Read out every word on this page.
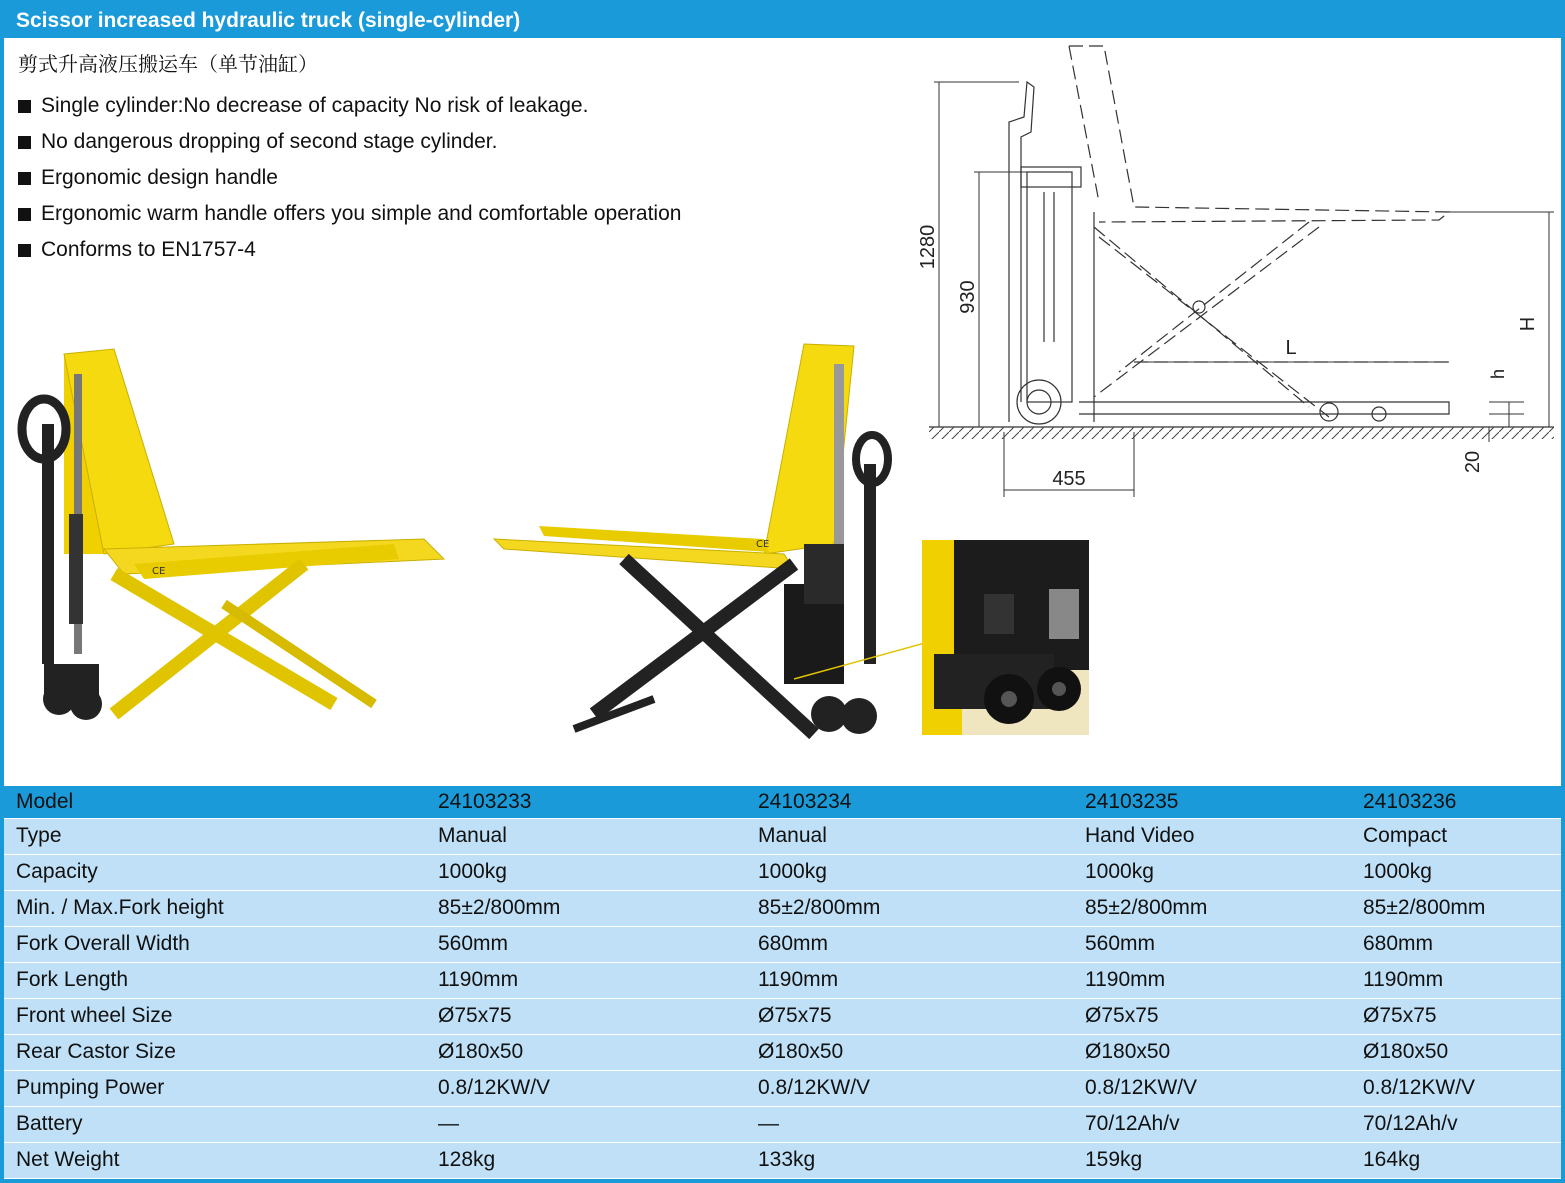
Scissor increased hydraulic truck (single-cylinder)
剪式升高液压搬运车（单节油缸）
Single cylinder:No decrease of capacity No risk of leakage.
No dangerous dropping of second stage cylinder.
Ergonomic design handle
Ergonomic warm handle offers you simple and comfortable operation
Conforms to EN1757-4
CE
CE
1280
930
455
20
L
H
h
Model	24103233	24103234	24103235	24103236
Type	Manual	Manual	Hand Video	Compact
Capacity	1000kg	1000kg	1000kg	1000kg
Min. / Max.Fork height	85±2/800mm	85±2/800mm	85±2/800mm	85±2/800mm
Fork Overall Width	560mm	680mm	560mm	680mm
Fork Length	1190mm	1190mm	1190mm	1190mm
Front wheel Size	Ø75x75	Ø75x75	Ø75x75	Ø75x75
Rear Castor Size	Ø180x50	Ø180x50	Ø180x50	Ø180x50
Pumping Power	0.8/12KW/V	0.8/12KW/V	0.8/12KW/V	0.8/12KW/V
Battery	—	—	70/12Ah/v	70/12Ah/v
Net Weight	128kg	133kg	159kg	164kg
